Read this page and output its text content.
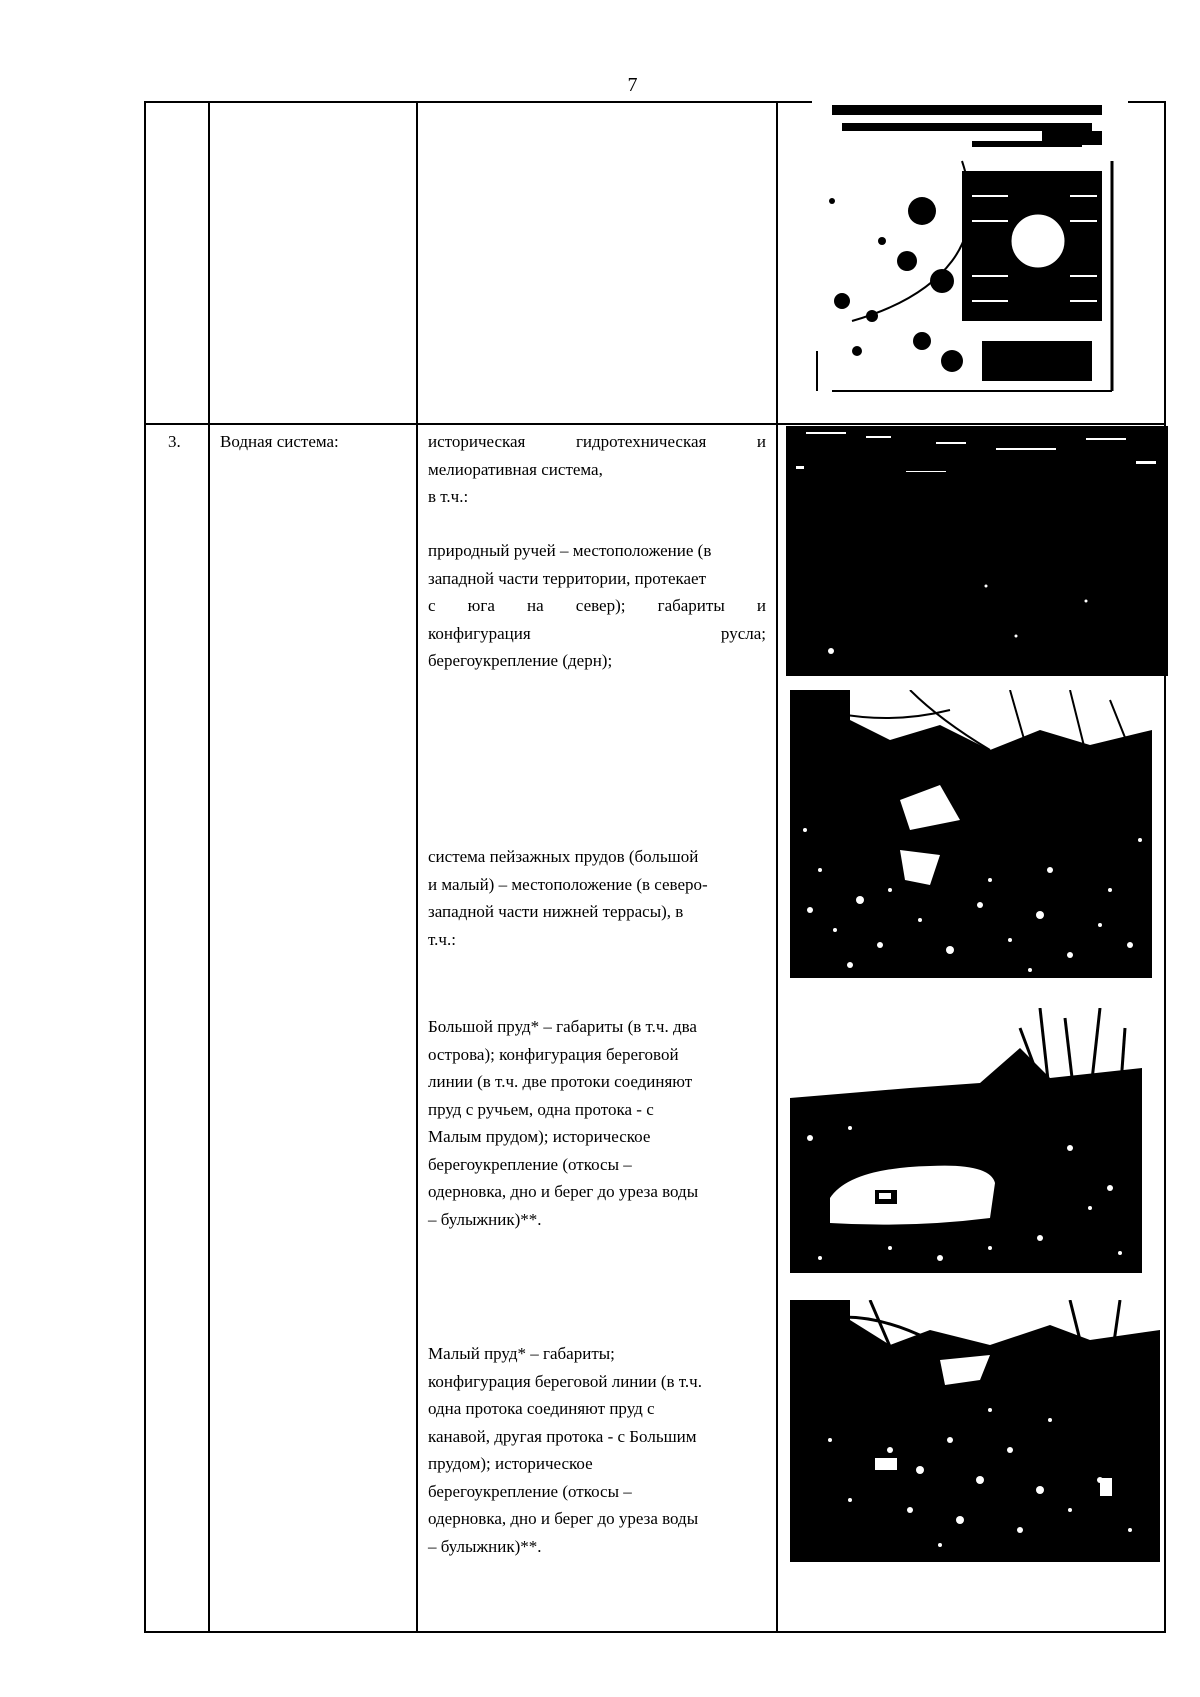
7
3. Водная система:	историческая гидротехническая и
мелиоративная система,
в т.ч.:
природный ручей – местоположение (в
западной части территории, протекает
с юга на север); габариты и
конфигурация русла;
берегоукрепление (дерн);
система пейзажных прудов (большой
и малый) – местоположение (в северо-
западной части нижней террасы), в
т.ч.:
Большой пруд* – габариты (в т.ч. два
острова); конфигурация береговой
линии (в т.ч. две протоки соединяют
пруд с ручьем, одна протока - с
Малым прудом); историческое
берегоукрепление (откосы –
одерновка, дно и берег до уреза воды
– булыжник)**.
Малый пруд* – габариты;
конфигурация береговой линии (в т.ч.
одна протока соединяют пруд с
канавой, другая протока - с Большим
прудом); историческое
берегоукрепление (откосы –
одерновка, дно и берег до уреза воды
– булыжник)**.
